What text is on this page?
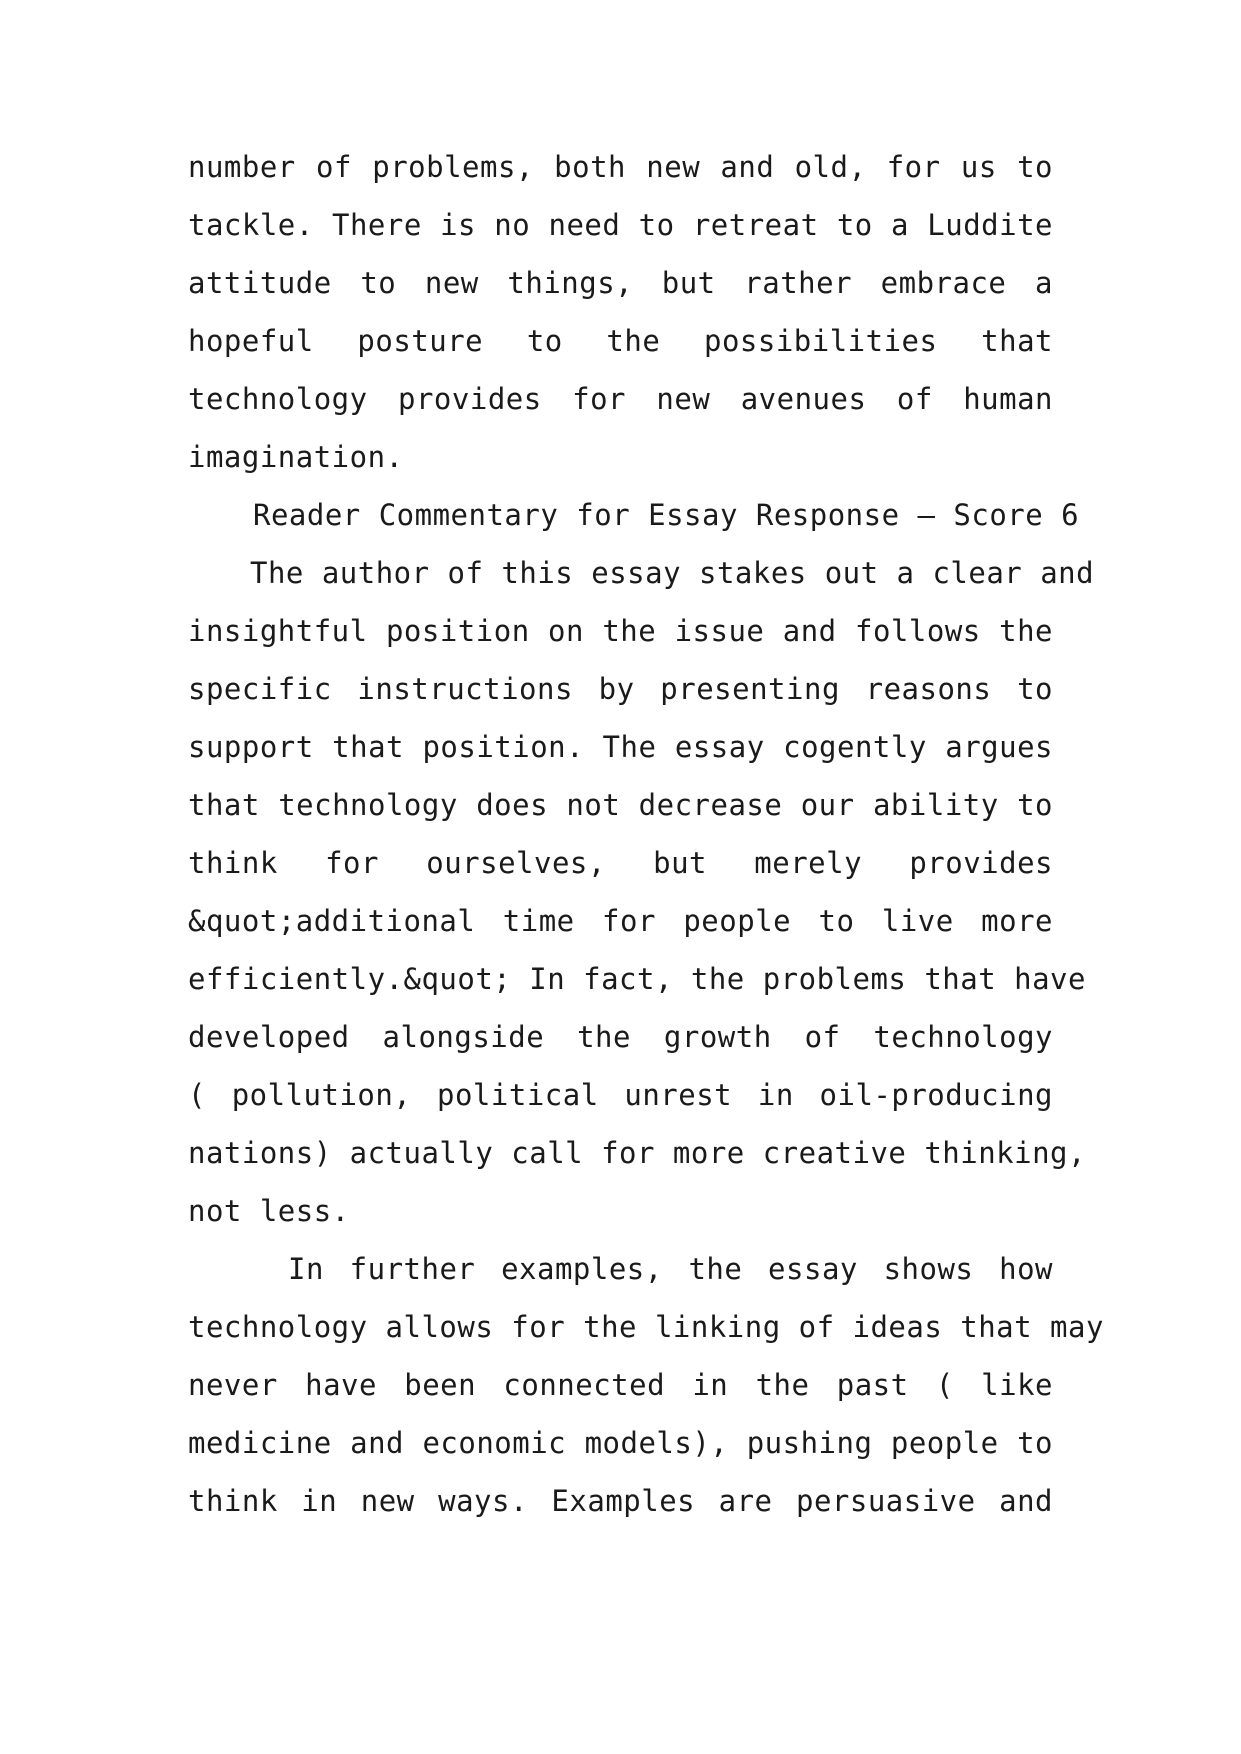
number of problems, both new and old, for us to
tackle. There is no need to retreat to a Luddite
attitude to new things, but rather embrace a
hopeful posture to the possibilities that
technology provides for new avenues of human
imagination.
Reader Commentary for Essay Response — Score 6
The author of this essay stakes out a clear and
insightful position on the issue and follows the
specific instructions by presenting reasons to
support that position. The essay cogently argues
that technology does not decrease our ability to
think for ourselves, but merely provides
&quot;additional time for people to live more
efficiently.&quot; In fact, the problems that have
developed alongside the growth of technology
( pollution, political unrest in oil-producing
nations) actually call for more creative thinking,
not less.
In further examples, the essay shows how
technology allows for the linking of ideas that may
never have been connected in the past ( like
medicine and economic models), pushing people to
think in new ways. Examples are persuasive and
